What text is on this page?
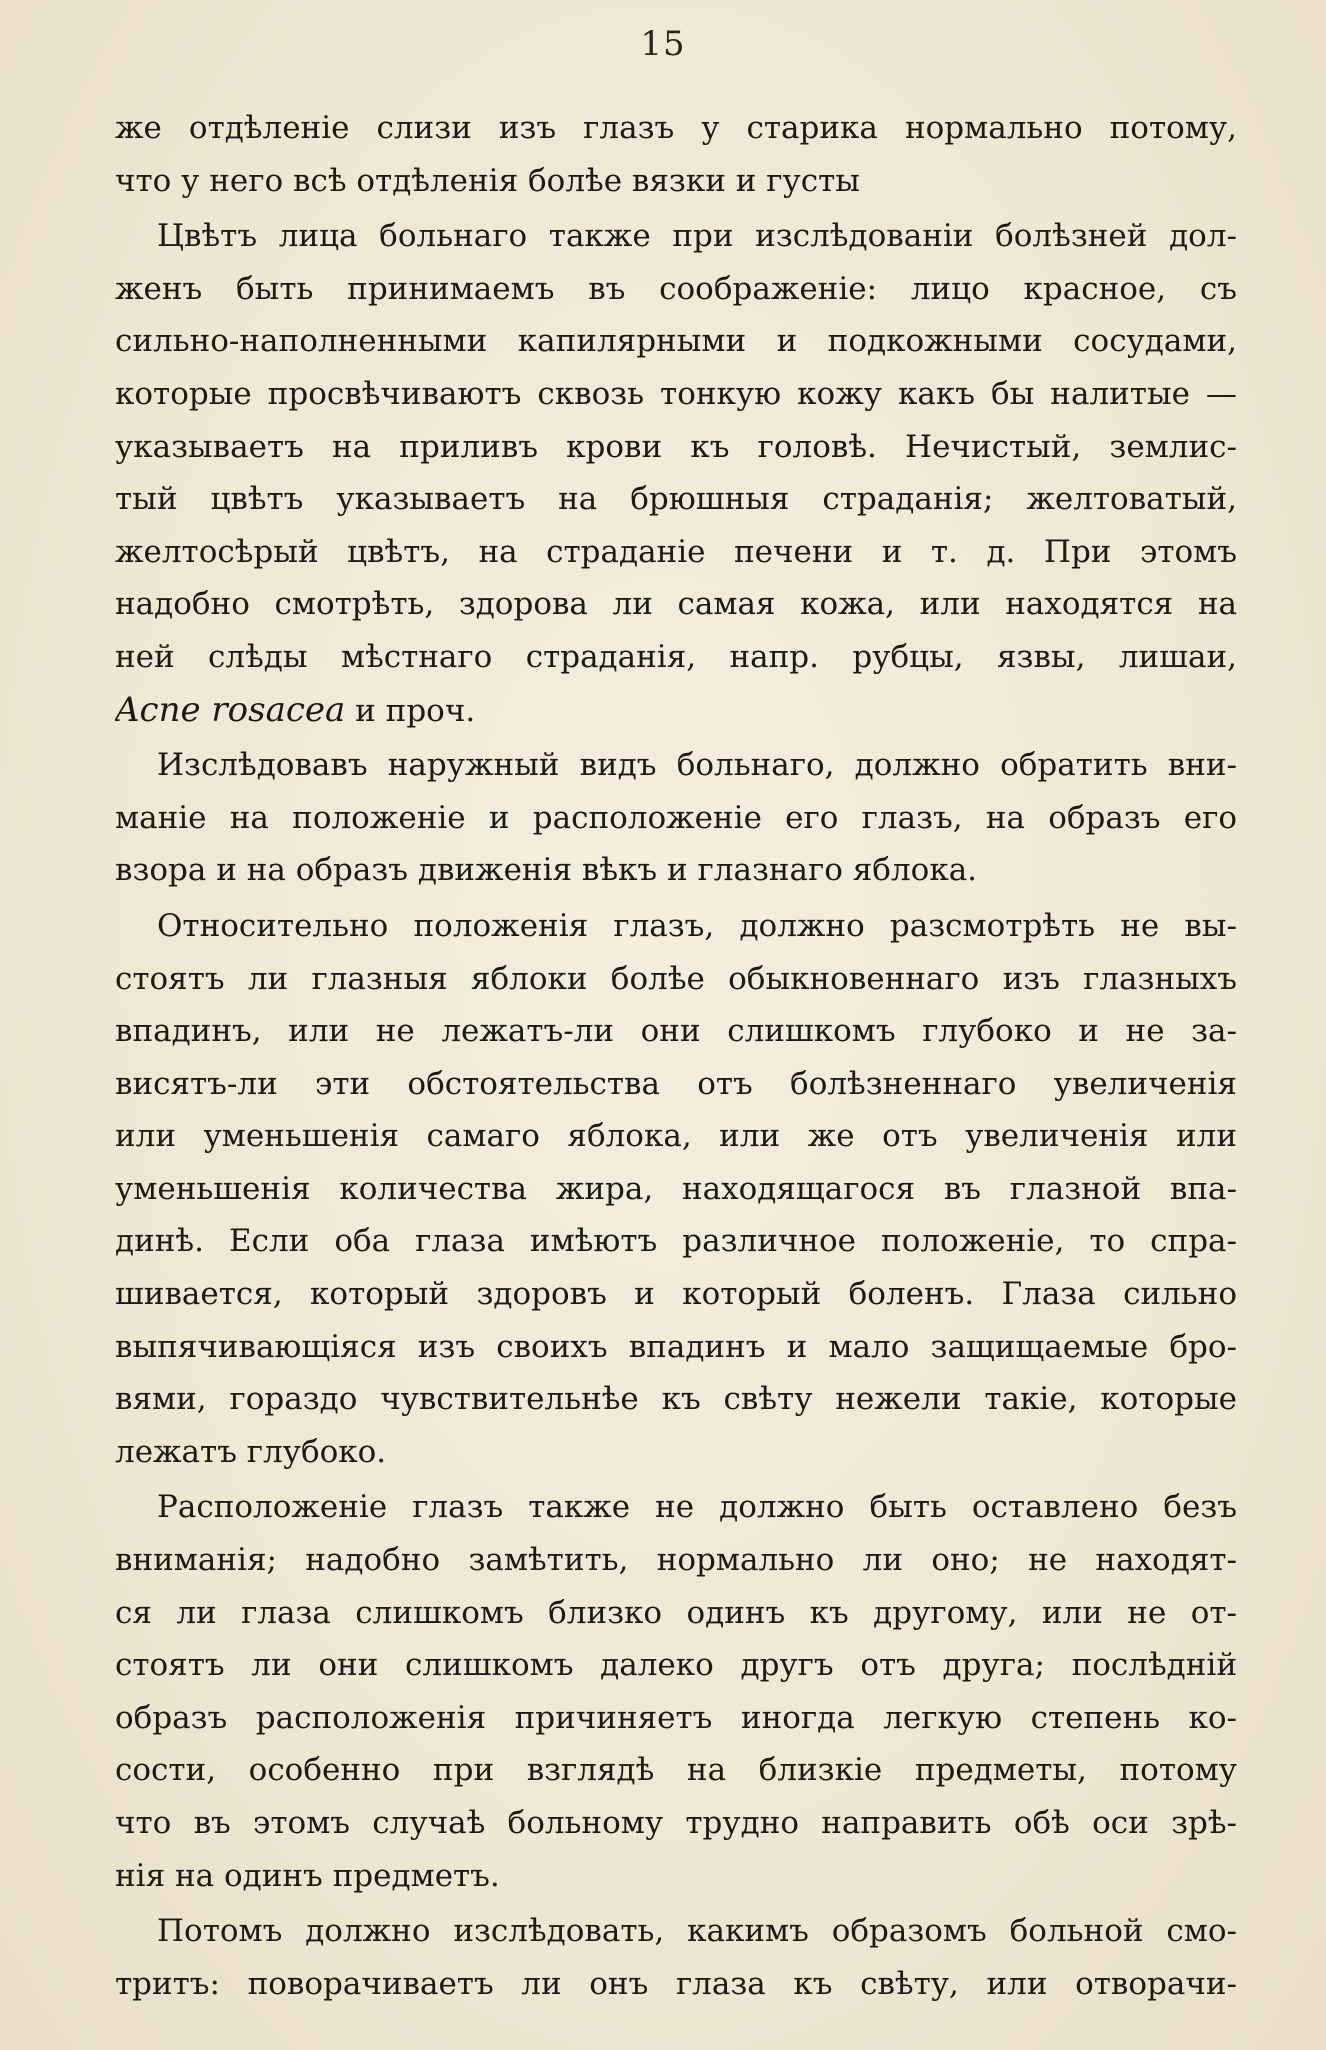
15
же отдѣленіе слизи изъ глазъ у старика нормально потому,
что у него всѣ отдѣленія болѣе вязки и густы
Цвѣтъ лица больнаго также при изслѣдованіи болѣзней дол-
женъ быть принимаемъ въ соображеніе: лицо красное, съ
сильно-наполненными капилярными и подкожными сосудами,
которые просвѣчиваютъ сквозь тонкую кожу какъ бы налитые —
указываетъ на приливъ крови къ головѣ. Нечистый, землис-
тый цвѣтъ указываетъ на брюшныя страданія; желтоватый,
желтосѣрый цвѣтъ, на страданіе печени и т. д. При этомъ
надобно смотрѣть, здорова ли самая кожа, или находятся на
ней слѣды мѣстнаго страданія, напр. рубцы, язвы, лишаи,
Acne rosacea и проч.
Изслѣдовавъ наружный видъ больнаго, должно обратить вни-
маніе на положеніе и расположеніе его глазъ, на образъ его
взора и на образъ движенія вѣкъ и глазнаго яблока.
Относительно положенія глазъ, должно разсмотрѣть не вы-
стоятъ ли глазныя яблоки болѣе обыкновеннаго изъ глазныхъ
впадинъ, или не лежатъ-ли они слишкомъ глубоко и не за-
висятъ-ли эти обстоятельства отъ болѣзненнаго увеличенія
или уменьшенія самаго яблока, или же отъ увеличенія или
уменьшенія количества жира, находящагося въ глазной впа-
динѣ. Если оба глаза имѣютъ различное положеніе, то спра-
шивается, который здоровъ и который боленъ. Глаза сильно
выпячивающіяся изъ своихъ впадинъ и мало защищаемые бро-
вями, гораздо чувствительнѣе къ свѣту нежели такіе, которые
лежатъ глубоко.
Расположеніе глазъ также не должно быть оставлено безъ
вниманія; надобно замѣтить, нормально ли оно; не находят-
ся ли глаза слишкомъ близко одинъ къ другому, или не от-
стоятъ ли они слишкомъ далеко другъ отъ друга; послѣдній
образъ расположенія причиняетъ иногда легкую степень ко-
сости, особенно при взглядѣ на близкіе предметы, потому
что въ этомъ случаѣ больному трудно направить обѣ оси зрѣ-
нія на одинъ предметъ.
Потомъ должно изслѣдовать, какимъ образомъ больной смо-
тритъ: поворачиваетъ ли онъ глаза къ свѣту, или отворачи-
